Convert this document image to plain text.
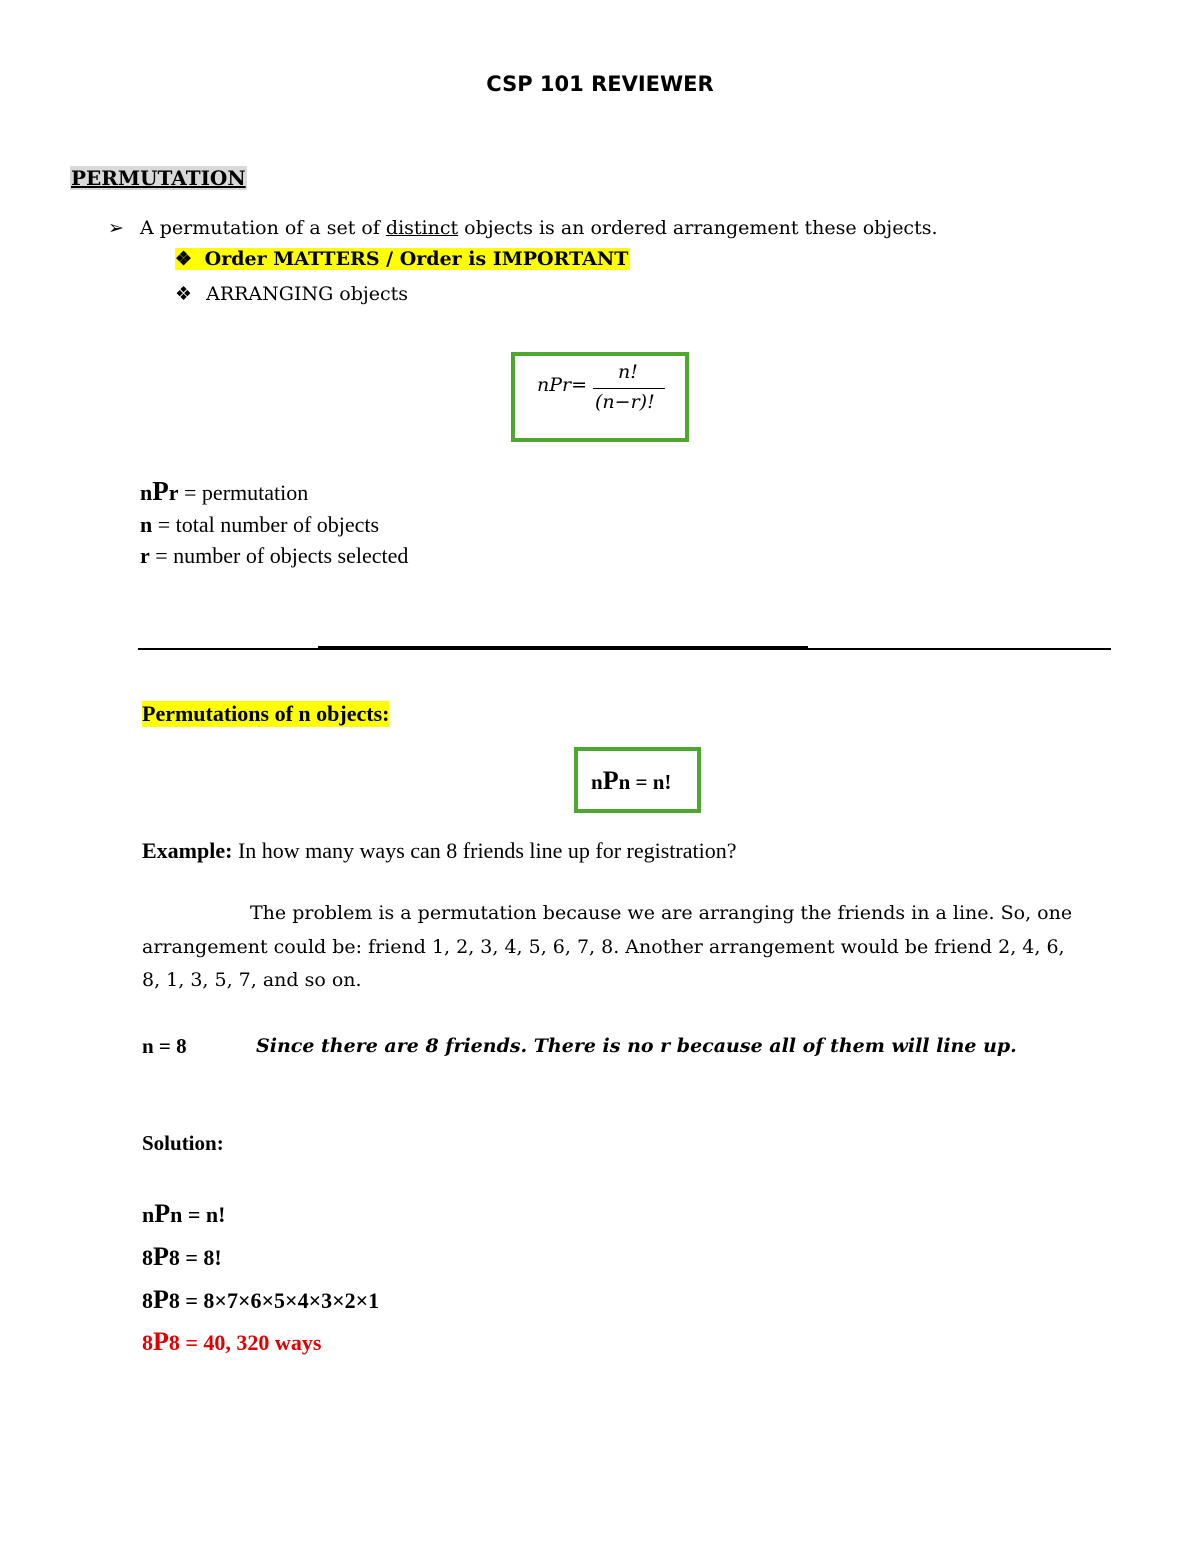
CSP 101 REVIEWER
PERMUTATION
➢ A permutation of a set of distinct objects is an ordered arrangement these objects.
❖ Order MATTERS / Order is IMPORTANT
❖ ARRANGING objects
nPr=
n!
(n−r)!
nPr = permutation
n = total number of objects
r = number of objects selected
Permutations of n objects:
nPn = n!
Example: In how many ways can 8 friends line up for registration?
The problem is a permutation because we are arranging the friends in a line. So, one
arrangement could be: friend 1, 2, 3, 4, 5, 6, 7, 8. Another arrangement would be friend 2, 4, 6,
8, 1, 3, 5, 7, and so on.
n = 8	Since there are 8 friends. There is no r because all of them will line up.
Solution:
nPn = n!
8P8 = 8!
8P8 = 8×7×6×5×4×3×2×1
8P8 = 40, 320 ways
